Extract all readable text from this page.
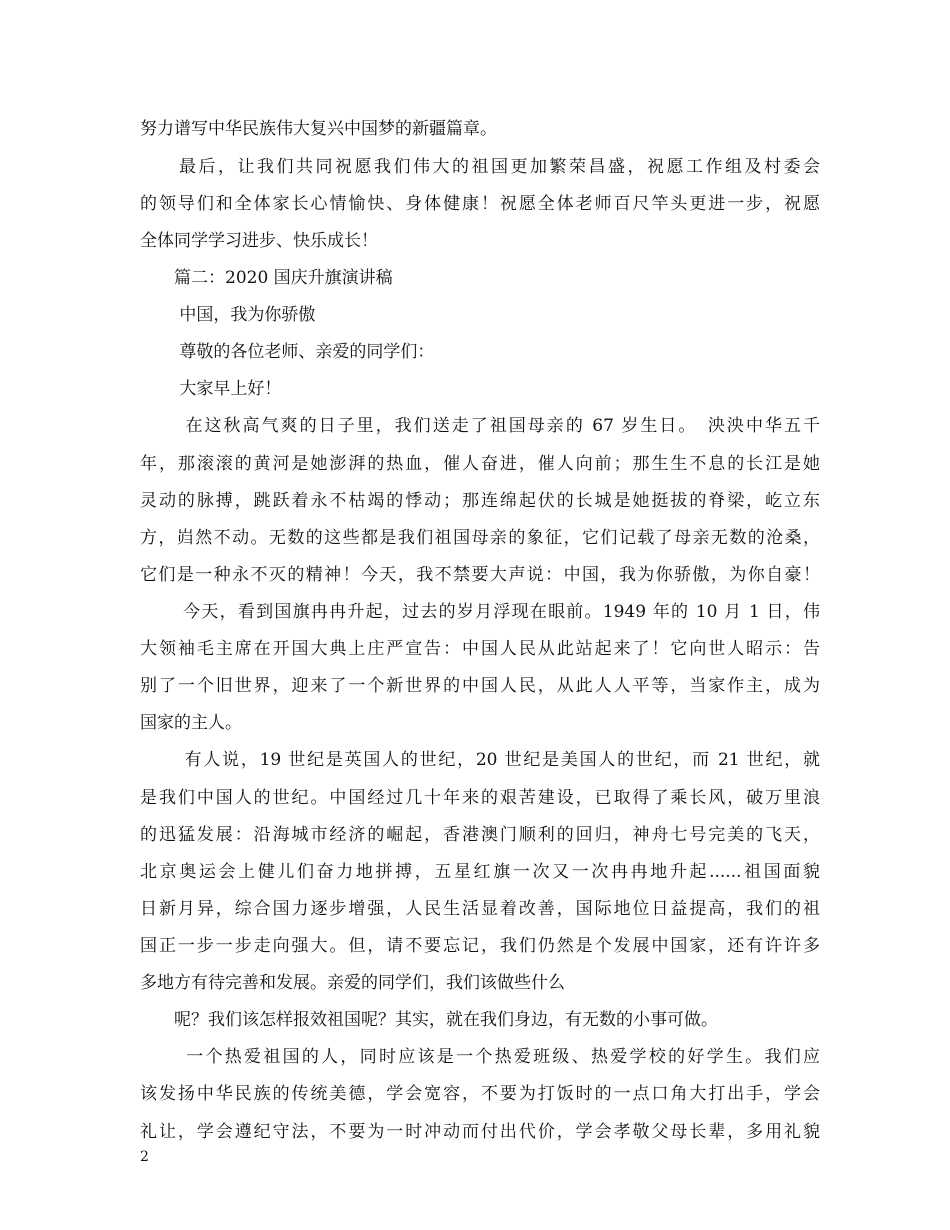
努力谱写中华民族伟大复兴中国梦的新疆篇章。
　　最后，让我们共同祝愿我们伟大的祖国更加繁荣昌盛，祝愿工作组及村委会
的领导们和全体家长心情愉快、身体健康！祝愿全体老师百尺竿头更进一步，祝愿
全体同学学习进步、快乐成长！
　　篇二：2020 国庆升旗演讲稿
　　 中国，我为你骄傲
　　 尊敬的各位老师、亲爱的同学们：
　　 大家早上好！
　　 在这秋高气爽的日子里，我们送走了祖国母亲的 67 岁生日。　泱泱中华五千
年，那滚滚的黄河是她澎湃的热血，催人奋进，催人向前；那生生不息的长江是她
灵动的脉搏，跳跃着永不枯竭的悸动；那连绵起伏的长城是她挺拔的脊梁，屹立东
方，岿然不动。无数的这些都是我们祖国母亲的象征，它们记载了母亲无数的沧桑，
它们是一种永不灭的精神！今天，我不禁要大声说：中国，我为你骄傲，为你自豪！
　　 今天，看到国旗冉冉升起，过去的岁月浮现在眼前。1949 年的 10 月 1 日，伟
大领袖毛主席在开国大典上庄严宣告：中国人民从此站起来了！它向世人昭示：告
别了一个旧世界，迎来了一个新世界的中国人民，从此人人平等，当家作主，成为
国家的主人。
　　 有人说，19 世纪是英国人的世纪，20 世纪是美国人的世纪，而 21 世纪，就
是我们中国人的世纪。中国经过几十年来的艰苦建设，已取得了乘长风，破万里浪
的迅猛发展：沿海城市经济的崛起，香港澳门顺利的回归，神舟七号完美的飞天，
北京奥运会上健儿们奋力地拼搏，五星红旗一次又一次冉冉地升起......祖国面貌
日新月异，综合国力逐步增强，人民生活显着改善，国际地位日益提高，我们的祖
国正一步一步走向强大。但，请不要忘记，我们仍然是个发展中国家，还有许许多
多地方有待完善和发展。亲爱的同学们，我们该做些什么
　　呢？我们该怎样报效祖国呢？其实，就在我们身边，有无数的小事可做。
　　 一个热爱祖国的人，同时应该是一个热爱班级、热爱学校的好学生。我们应
该发扬中华民族的传统美德，学会宽容，不要为打饭时的一点口角大打出手，学会
礼让，学会遵纪守法，不要为一时冲动而付出代价，学会孝敬父母长辈，多用礼貌
2
